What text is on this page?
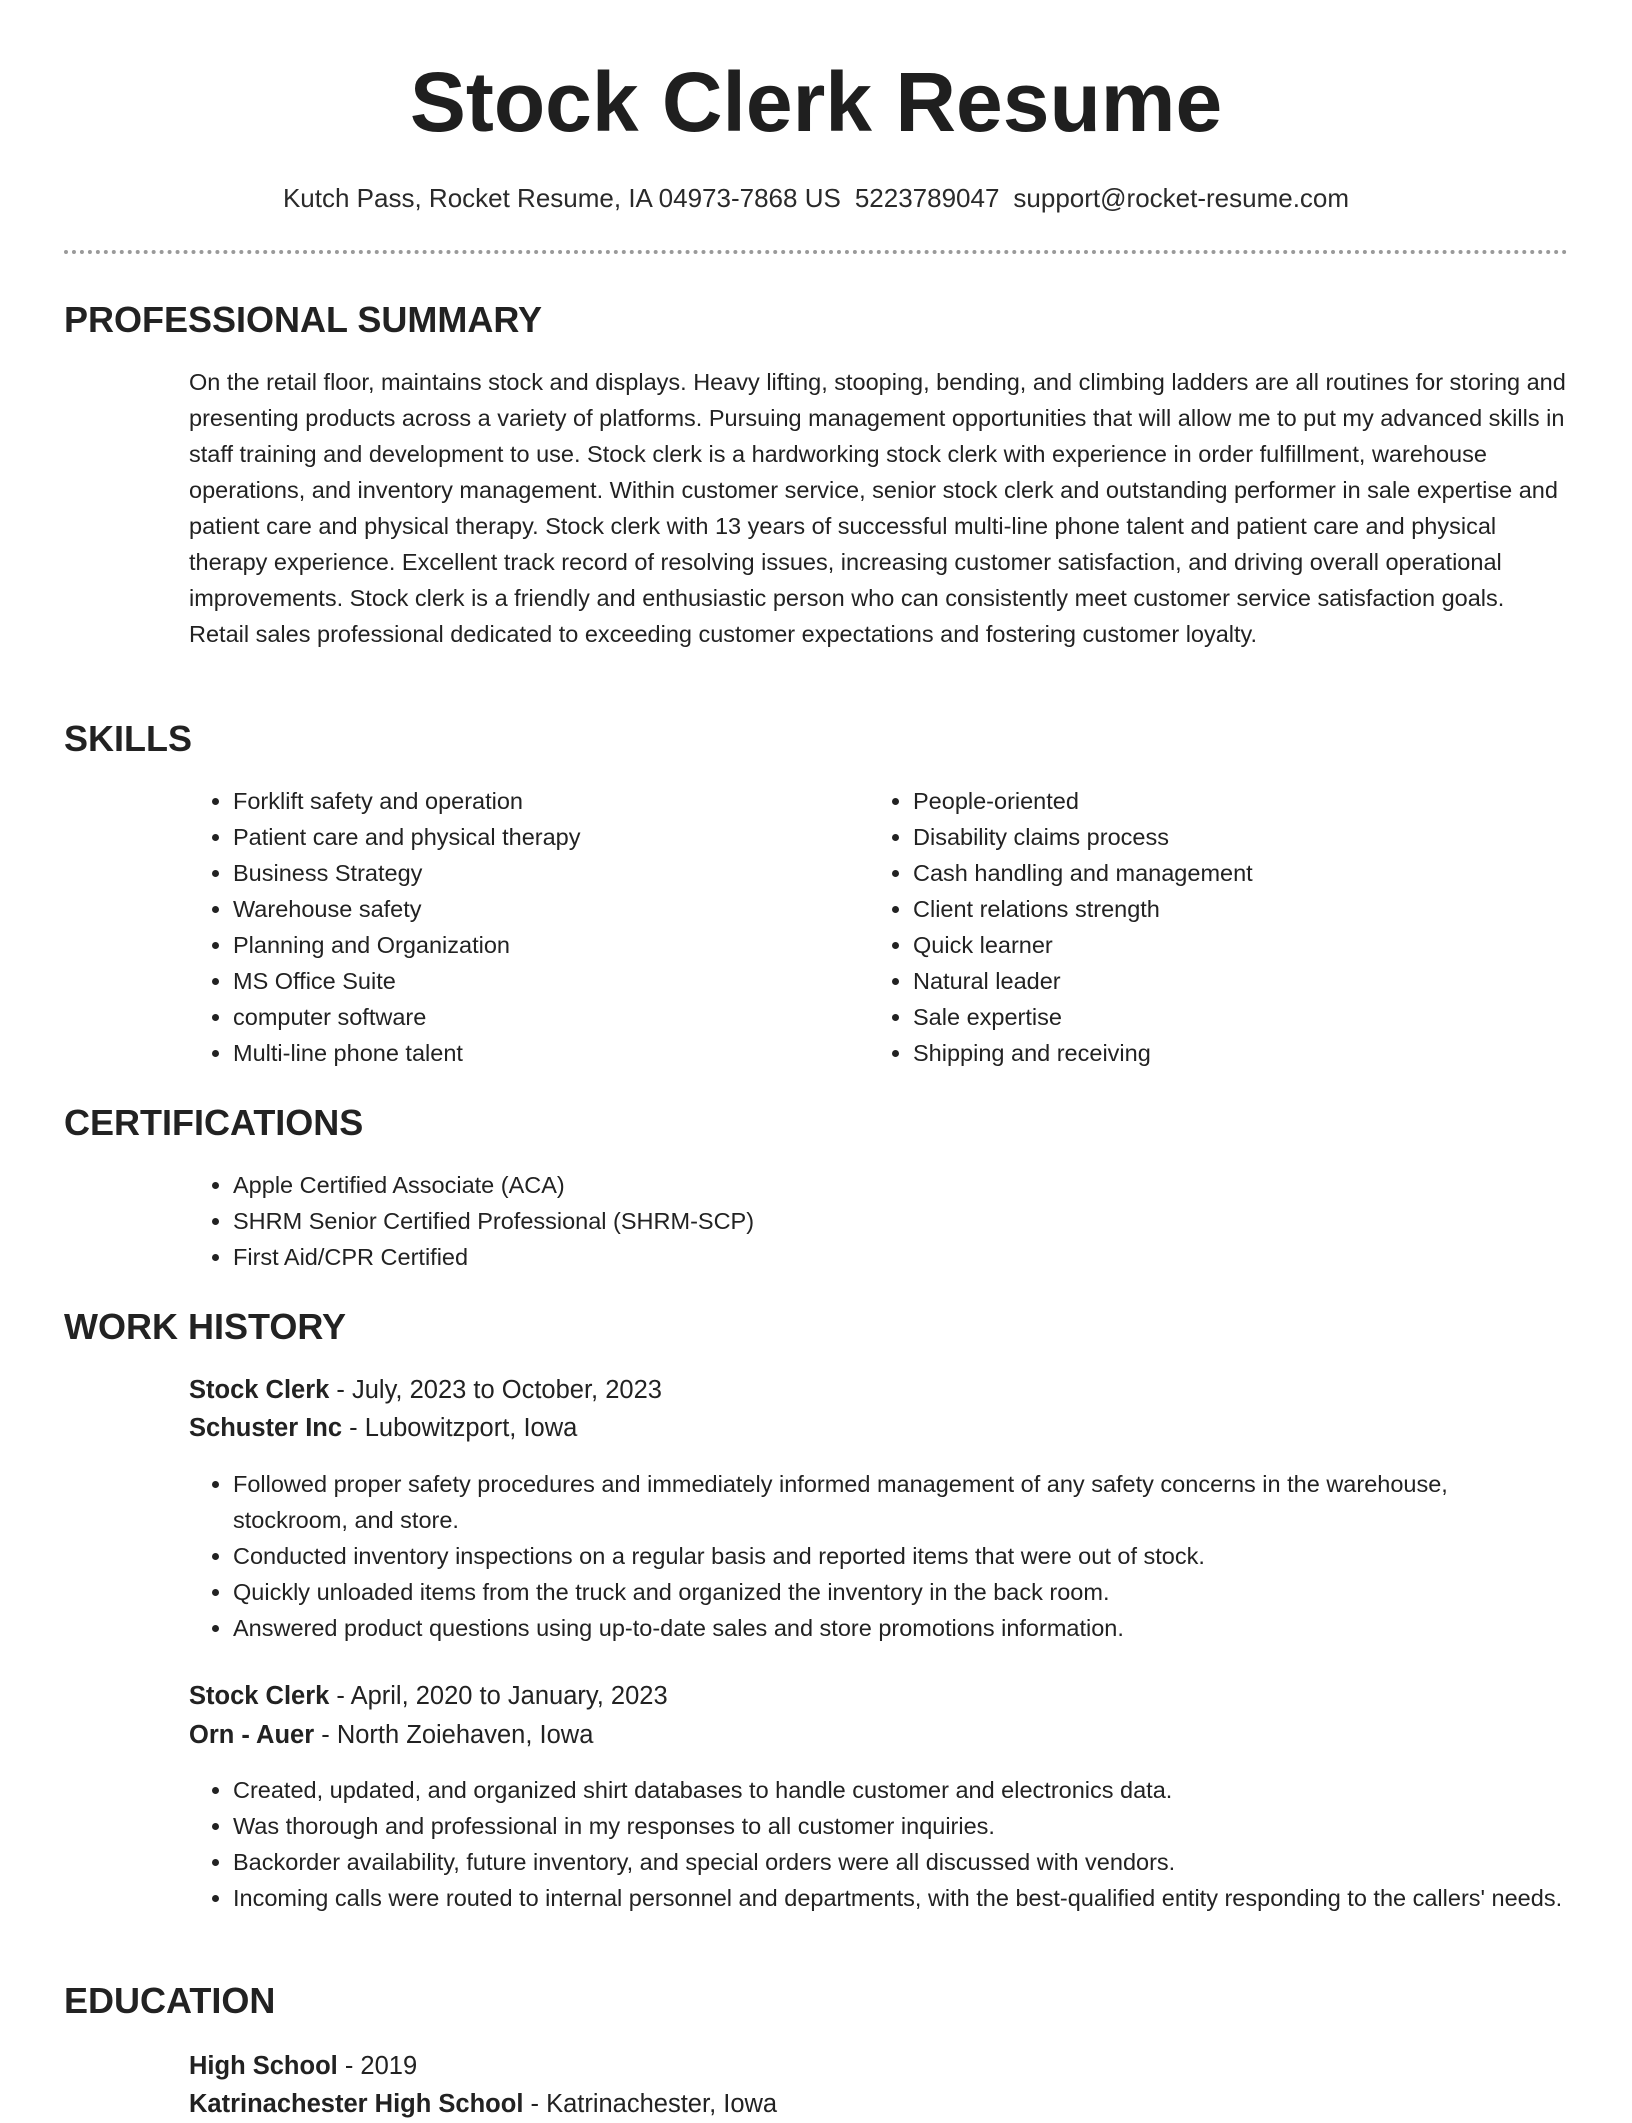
Stock Clerk Resume
Kutch Pass, Rocket Resume, IA 04973-7868 US 5223789047 support@rocket-resume.com
PROFESSIONAL SUMMARY

On the retail floor, maintains stock and displays. Heavy lifting, stooping, bending, and climbing ladders are all routines for storing and presenting products across a variety of platforms. Pursuing management opportunities that will allow me to put my advanced skills in staff training and development to use. Stock clerk is a hardworking stock clerk with experience in order fulfillment, warehouse operations, and inventory management. Within customer service, senior stock clerk and outstanding performer in sale expertise and patient care and physical therapy. Stock clerk with 13 years of successful multi-line phone talent and patient care and physical therapy experience. Excellent track record of resolving issues, increasing customer satisfaction, and driving overall operational improvements. Stock clerk is a friendly and enthusiastic person who can consistently meet customer service satisfaction goals. Retail sales professional dedicated to exceeding customer expectations and fostering customer loyalty.

SKILLS
• Forklift safety and operation
• Patient care and physical therapy
• Business Strategy
• Warehouse safety
• Planning and Organization
• MS Office Suite
• computer software
• Multi-line phone talent
• People-oriented
• Disability claims process
• Cash handling and management
• Client relations strength
• Quick learner
• Natural leader
• Sale expertise
• Shipping and receiving
CERTIFICATIONS
• Apple Certified Associate (ACA)
• SHRM Senior Certified Professional (SHRM-SCP)
• First Aid/CPR Certified
WORK HISTORY
Stock Clerk - July, 2023 to October, 2023
Schuster Inc - Lubowitzport, Iowa
• Followed proper safety procedures and immediately informed management of any safety concerns in the warehouse, stockroom, and store.
• Conducted inventory inspections on a regular basis and reported items that were out of stock.
• Quickly unloaded items from the truck and organized the inventory in the back room.
• Answered product questions using up-to-date sales and store promotions information.
Stock Clerk - April, 2020 to January, 2023
Orn - Auer - North Zoiehaven, Iowa
• Created, updated, and organized shirt databases to handle customer and electronics data.
• Was thorough and professional in my responses to all customer inquiries.
• Backorder availability, future inventory, and special orders were all discussed with vendors.
• Incoming calls were routed to internal personnel and departments, with the best-qualified entity responding to the callers' needs.
EDUCATION
High School - 2019
Katrinachester High School - Katrinachester, Iowa
